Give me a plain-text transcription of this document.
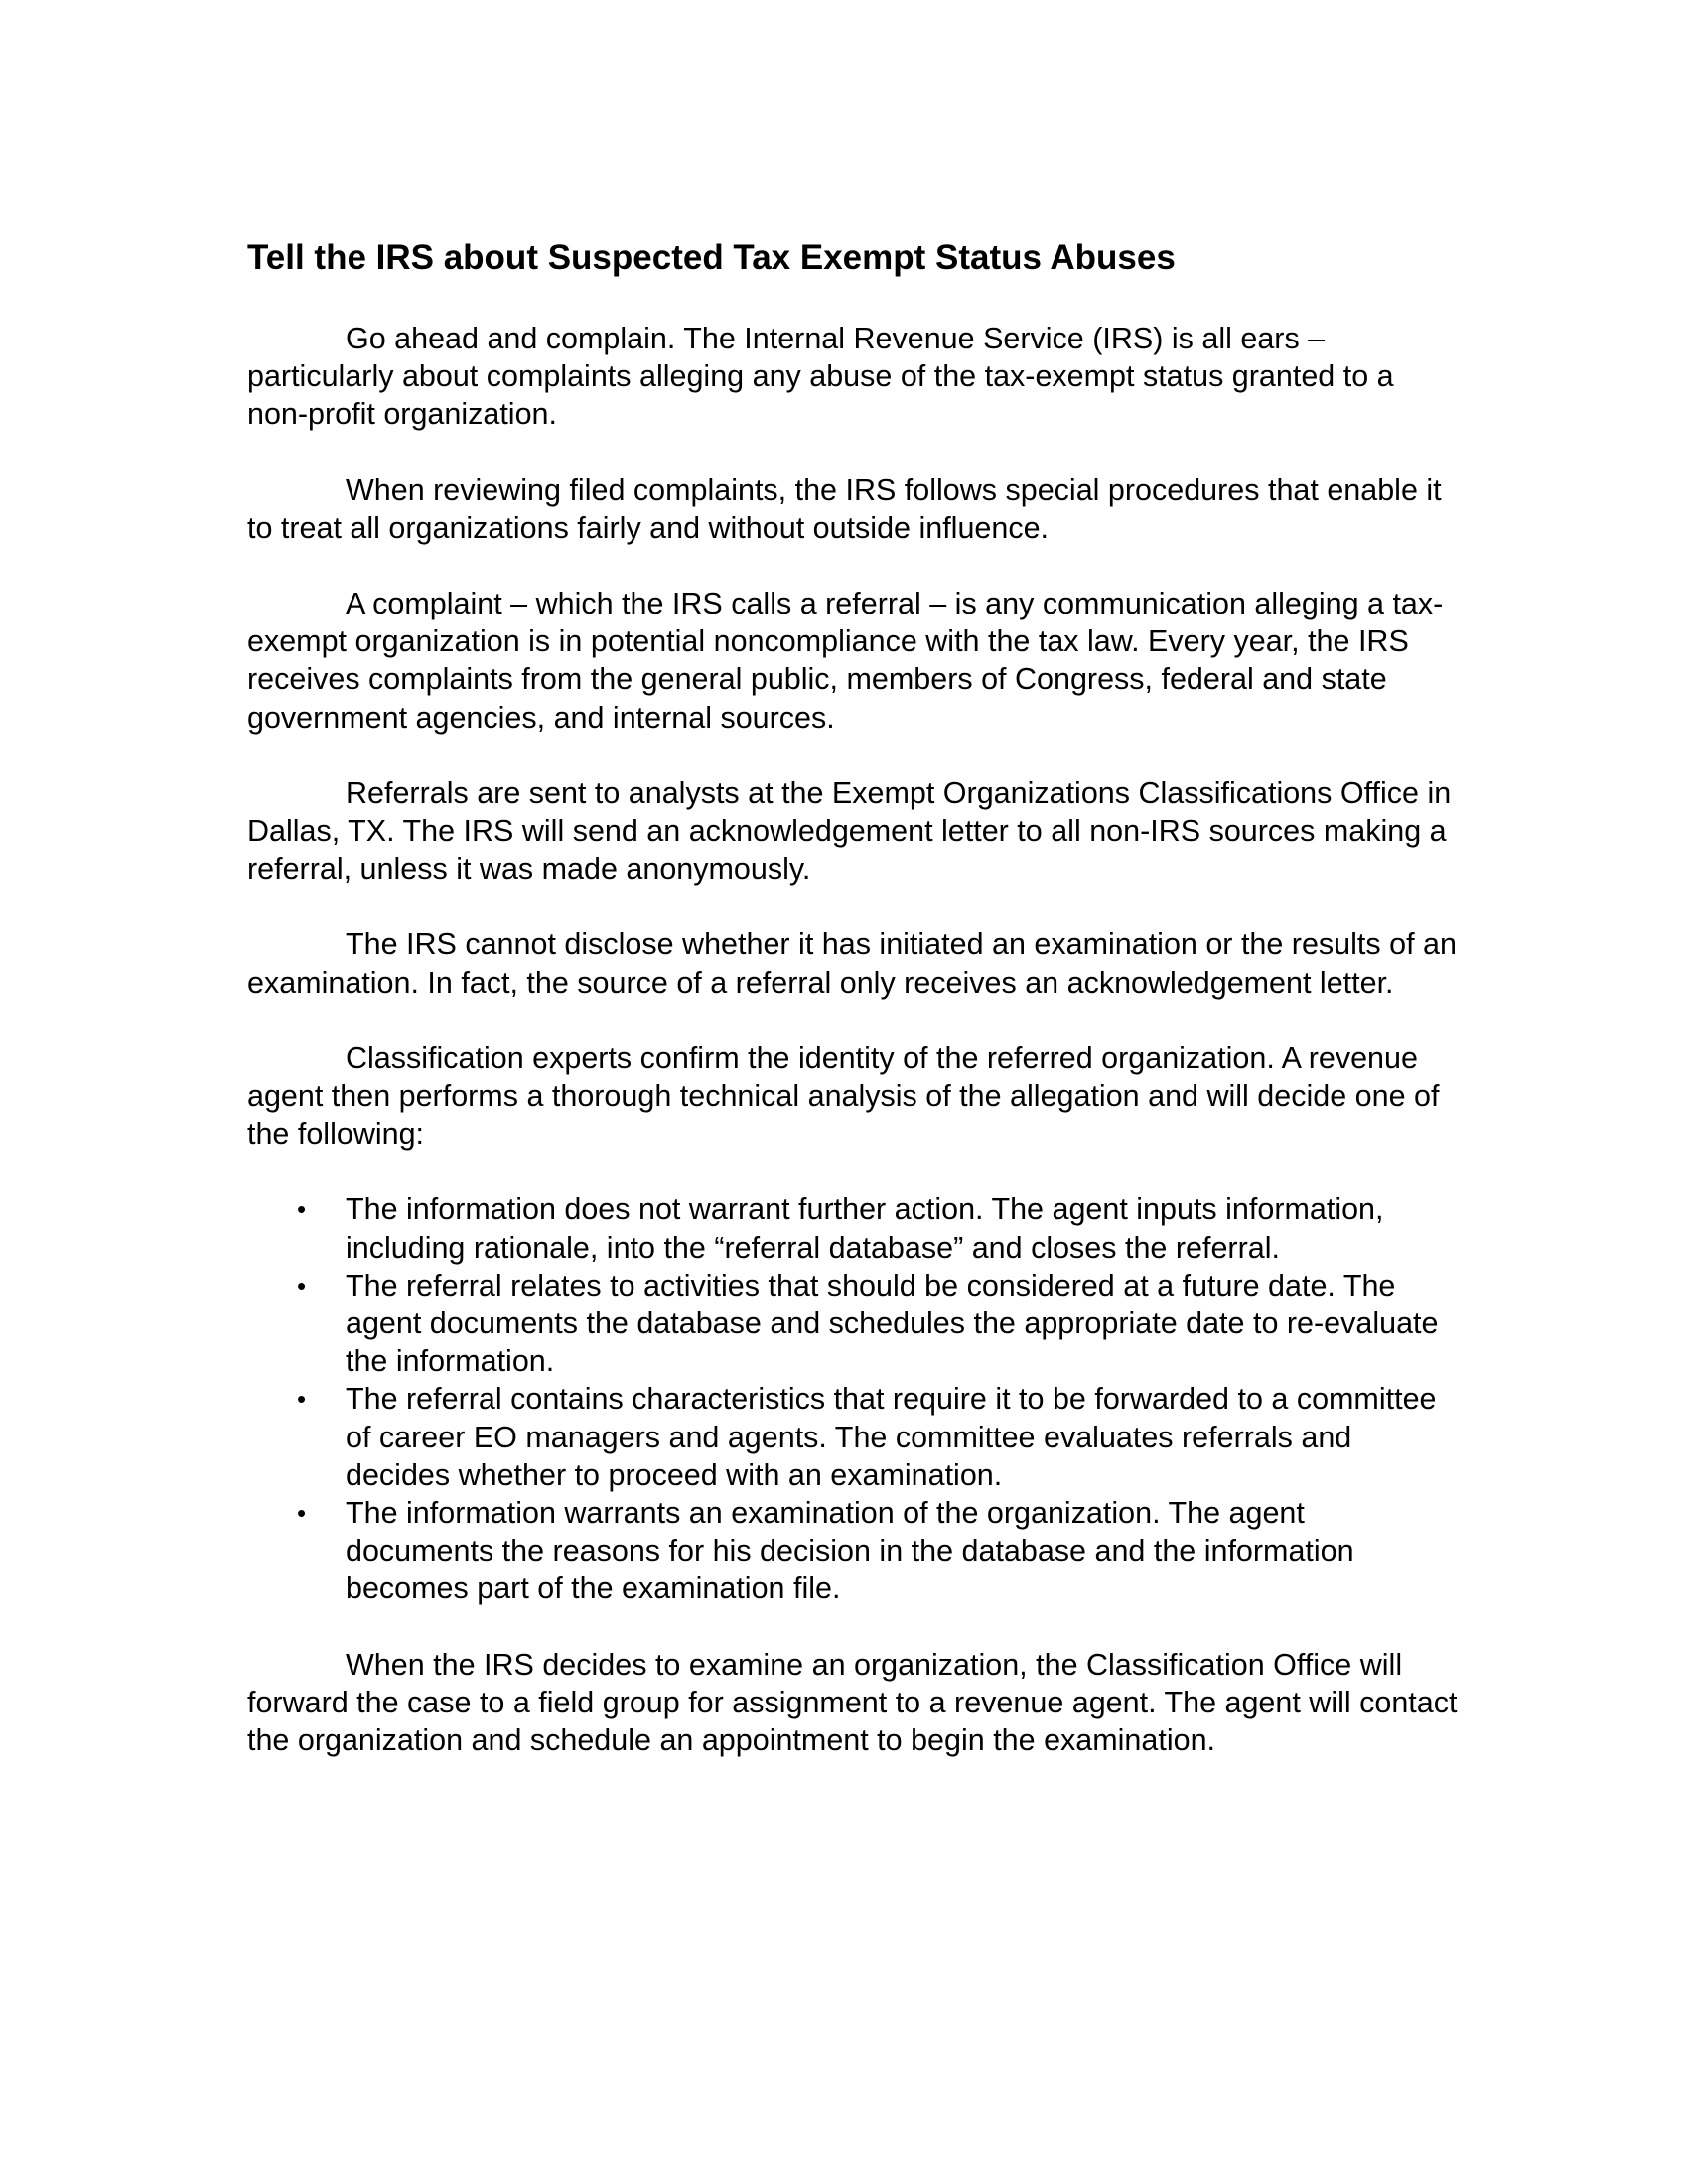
Tell the IRS about Suspected Tax Exempt Status Abuses

Go ahead and complain. The Internal Revenue Service (IRS) is all ears – particularly about complaints alleging any abuse of the tax-exempt status granted to a non-profit organization.

When reviewing filed complaints, the IRS follows special procedures that enable it to treat all organizations fairly and without outside influence.

A complaint – which the IRS calls a referral – is any communication alleging a tax-exempt organization is in potential noncompliance with the tax law. Every year, the IRS receives complaints from the general public, members of Congress, federal and state government agencies, and internal sources.

Referrals are sent to analysts at the Exempt Organizations Classifications Office in Dallas, TX. The IRS will send an acknowledgement letter to all non-IRS sources making a referral, unless it was made anonymously.

The IRS cannot disclose whether it has initiated an examination or the results of an examination. In fact, the source of a referral only receives an acknowledgement letter.

Classification experts confirm the identity of the referred organization. A revenue agent then performs a thorough technical analysis of the allegation and will decide one of the following:

• The information does not warrant further action. The agent inputs information, including rationale, into the “referral database” and closes the referral.
• The referral relates to activities that should be considered at a future date. The agent documents the database and schedules the appropriate date to re-evaluate the information.
• The referral contains characteristics that require it to be forwarded to a committee of career EO managers and agents. The committee evaluates referrals and decides whether to proceed with an examination.
• The information warrants an examination of the organization. The agent documents the reasons for his decision in the database and the information becomes part of the examination file.

When the IRS decides to examine an organization, the Classification Office will forward the case to a field group for assignment to a revenue agent. The agent will contact the organization and schedule an appointment to begin the examination.
